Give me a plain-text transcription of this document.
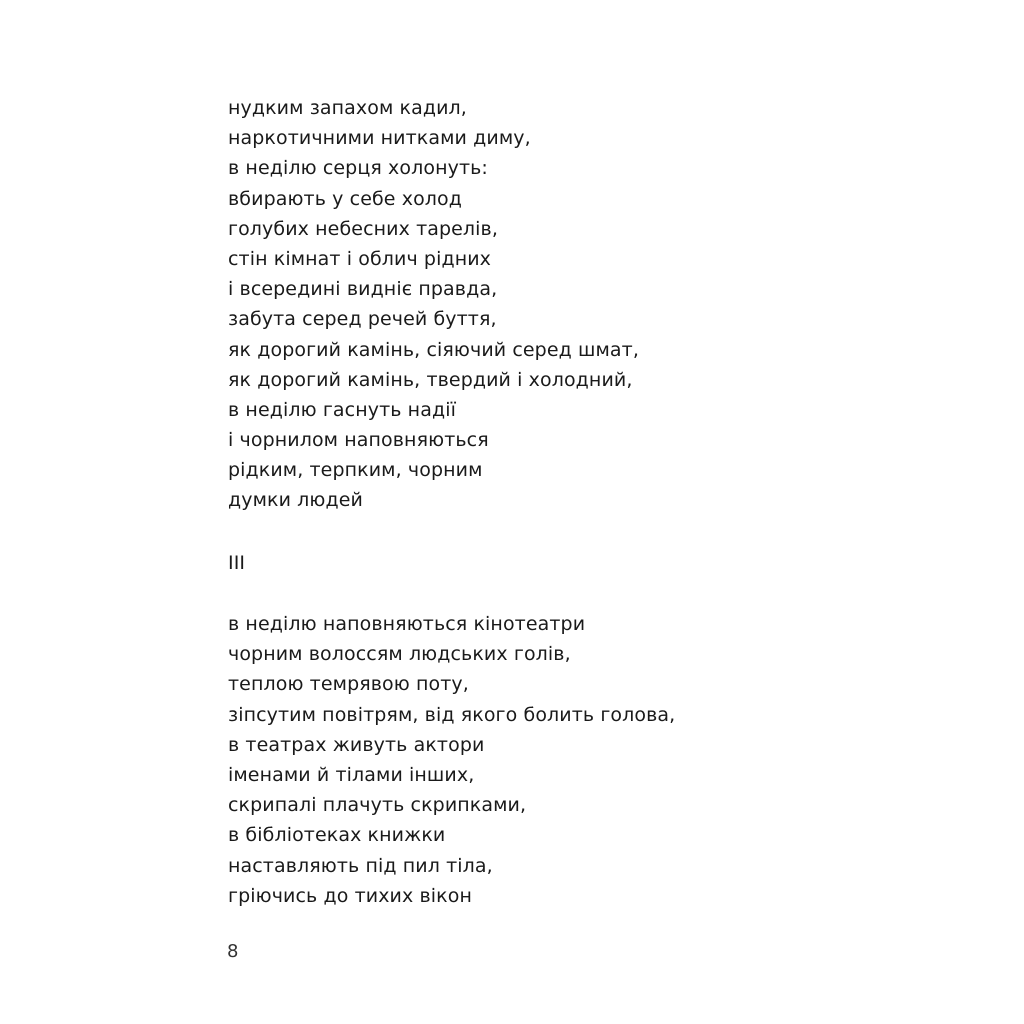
нудким запахом кадил,
наркотичними нитками диму,
в неділю серця холонуть:
вбирають у себе холод
голубих небесних тарелів,
стін кімнат і облич рідних
і всередині виднiє правда,
забута серед речей буття,
як дорогий камінь, сіяючий серед шмат,
як дорогий камінь, твердий і холодний,
в неділю гаснуть надії
і чорнилом наповняються
рідким, терпким, чорним
думки людей
III
в неділю наповняються кінотеатри
чорним волоссям людських голів,
теплою темрявою поту,
зіпсутим повітрям, від якого болить голова,
в театрах живуть актори
іменами й тілами інших,
скрипалі плачуть скрипками,
в бібліотеках книжки
наставляють під пил тіла,
гріючись до тихих вікон
8
